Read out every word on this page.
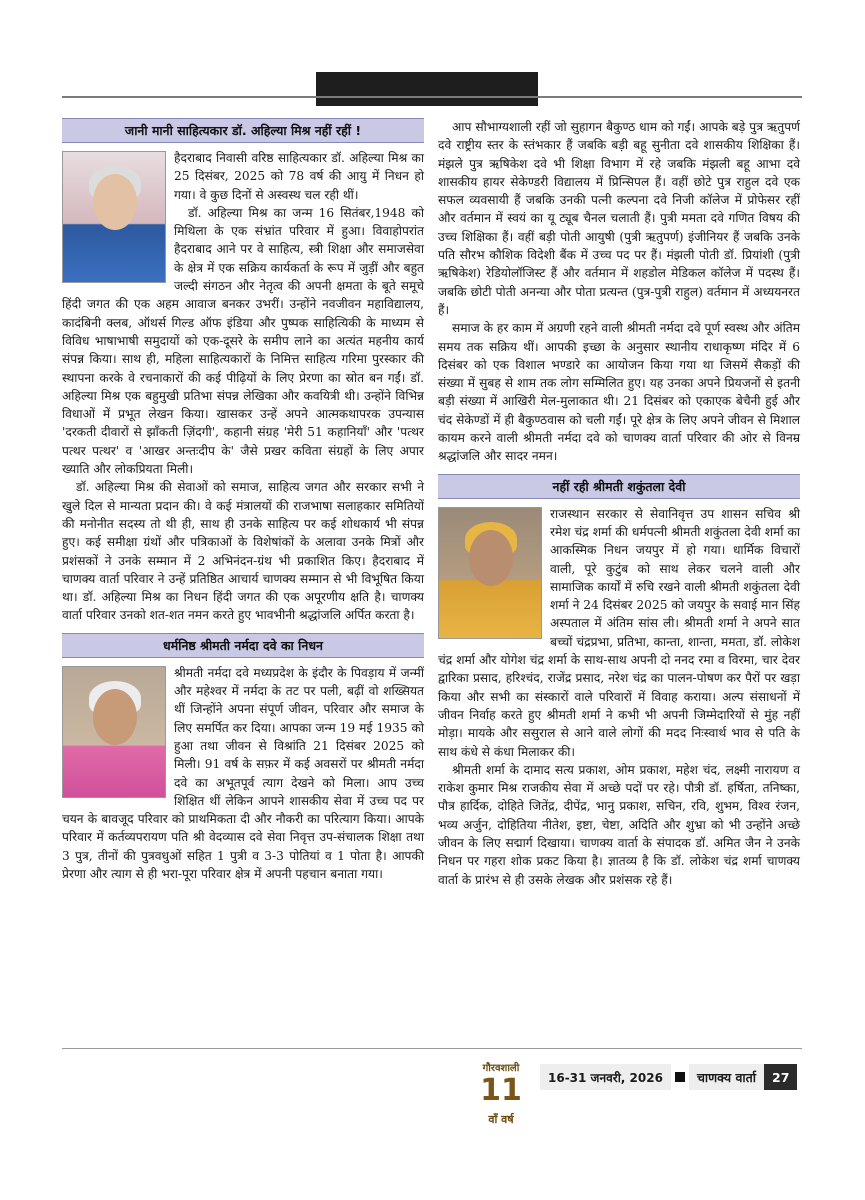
जानी मानी साहित्यकार डॉ. अहिल्या मिश्र नहीं रहीं !

हैदराबाद निवासी वरिष्ठ साहित्यकार डॉ. अहिल्या मिश्र का 25 दिसंबर, 2025 को 78 वर्ष की आयु में निधन हो गया। वे कुछ दिनों से अस्वस्थ चल रही थीं।

डॉ. अहिल्या मिश्र का जन्म 16 सितंबर,1948 को मिथिला के एक संभ्रांत परिवार में हुआ। विवाहोपरांत हैदराबाद आने पर वे साहित्य, स्त्री शिक्षा और समाजसेवा के क्षेत्र में एक सक्रिय कार्यकर्ता के रूप में जुड़ीं और बहुत जल्दी संगठन और नेतृत्व की अपनी क्षमता के बूते समूचे हिंदी जगत की एक अहम आवाज बनकर उभरीं। उन्होंने नवजीवन महाविद्यालय, कादंबिनी क्लब, ऑथर्स गिल्ड ऑफ इंडिया और पुष्पक साहित्यिकी के माध्यम से विविध भाषाभाषी समुदायों को एक-दूसरे के समीप लाने का अत्यंत महनीय कार्य संपन्न किया। साथ ही, महिला साहित्यकारों के निमित्त साहित्य गरिमा पुरस्कार की स्थापना करके वे रचनाकारों की कई पीढ़ियों के लिए प्रेरणा का स्रोत बन गईं। डॉ. अहिल्या मिश्र एक बहुमुखी प्रतिभा संपन्न लेखिका और कवयित्री थी। उन्होंने विभिन्न विधाओं में प्रभूत लेखन किया। खासकर उन्हें अपने आत्मकथापरक उपन्यास 'दरकती दीवारों से झाँकती ज़िंदगी', कहानी संग्रह 'मेरी 51 कहानियाँ' और 'पत्थर पत्थर पत्थर' व 'आखर अन्तःदीप के' जैसे प्रखर कविता संग्रहों के लिए अपार ख्याति और लोकप्रियता मिली।

डॉ. अहिल्या मिश्र की सेवाओं को समाज, साहित्य जगत और सरकार सभी ने खुले दिल से मान्यता प्रदान की। वे कई मंत्रालयों की राजभाषा सलाहकार समितियों की मनोनीत सदस्य तो थी ही, साथ ही उनके साहित्य पर कई शोधकार्य भी संपन्न हुए। कई समीक्षा ग्रंथों और पत्रिकाओं के विशेषांकों के अलावा उनके मित्रों और प्रशंसकों ने उनके सम्मान में 2 अभिनंदन-ग्रंथ भी प्रकाशित किए। हैदराबाद में चाणक्य वार्ता परिवार ने उन्हें प्रतिष्ठित आचार्य चाणक्य सम्मान से भी विभूषित किया था। डॉ. अहिल्या मिश्र का निधन हिंदी जगत की एक अपूरणीय क्षति है। चाणक्य वार्ता परिवार उनको शत-शत नमन करते हुए भावभीनी श्रद्धांजलि अर्पित करता है।

धर्मनिष्ठ श्रीमती नर्मदा दवे का निधन

श्रीमती नर्मदा दवे मध्यप्रदेश के इंदौर के पिवड़ाय में जन्मीं और महेश्वर में नर्मदा के तट पर पली, बढ़ीं वो शख्सियत थीं जिन्होंने अपना संपूर्ण जीवन, परिवार और समाज के लिए समर्पित कर दिया। आपका जन्म 19 मई 1935 को हुआ तथा जीवन से विश्रांति 21 दिसंबर 2025 को मिली। 91 वर्ष के सफ़र में कई अवसरों पर श्रीमती नर्मदा दवे का अभूतपूर्व त्याग देखने को मिला। आप उच्च शिक्षित थीं लेकिन आपने शासकीय सेवा में उच्च पद पर चयन के बावजूद परिवार को प्राथमिकता दी और नौकरी का परित्याग किया। आपके परिवार में कर्तव्यपरायण पति श्री वेदव्यास दवे सेवा निवृत्त उप-संचालक शिक्षा तथा 3 पुत्र, तीनों की पुत्रवधुओं सहित 1 पुत्री व 3-3 पोतियां व 1 पोता है। आपकी प्रेरणा और त्याग से ही भरा-पूरा परिवार क्षेत्र में अपनी पहचान बनाता गया।

आप सौभाग्यशाली रहीं जो सुहागन बैकुण्ठ धाम को गईं। आपके बड़े पुत्र ऋतुपर्ण दवे राष्ट्रीय स्तर के स्तंभकार हैं जबकि बड़ी बहू सुनीता दवे शासकीय शिक्षिका हैं। मंझले पुत्र ऋषिकेश दवे भी शिक्षा विभाग में रहे जबकि मंझली बहू आभा दवे शासकीय हायर सेकेण्डरी विद्यालय में प्रिन्सिपल हैं। वहीं छोटे पुत्र राहुल दवे एक सफल व्यवसायी हैं जबकि उनकी पत्नी कल्पना दवे निजी कॉलेज में प्रोफेसर रहीं और वर्तमान में स्वयं का यू ट्यूब चैनल चलाती हैं। पुत्री ममता दवे गणित विषय की उच्च शिक्षिका हैं। वहीं बड़ी पोती आयुषी (पुत्री ऋतुपर्ण) इंजीनियर हैं जबकि उनके पति सौरभ कौशिक विदेशी बैंक में उच्च पद पर हैं। मंझली पोती डॉ. प्रियांशी (पुत्री ऋषिकेश) रेडियोलॉजिस्ट हैं और वर्तमान में शहडोल मेडिकल कॉलेज में पदस्थ हैं। जबकि छोटी पोती अनन्या और पोता प्रत्यन्त (पुत्र-पुत्री राहुल) वर्तमान में अध्ययनरत हैं।

समाज के हर काम में अग्रणी रहने वाली श्रीमती नर्मदा दवे पूर्ण स्वस्थ और अंतिम समय तक सक्रिय थीं। आपकी इच्छा के अनुसार स्थानीय राधाकृष्ण मंदिर में 6 दिसंबर को एक विशाल भण्डारे का आयोजन किया गया था जिसमें सैकड़ों की संख्या में सुबह से शाम तक लोग सम्मिलित हुए। यह उनका अपने प्रियजनों से इतनी बड़ी संख्या में आखिरी मेल-मुलाकात थी। 21 दिसंबर को एकाएक बेचैनी हुई और चंद सेकेण्डों में ही बैकुण्ठवास को चली गईं। पूरे क्षेत्र के लिए अपने जीवन से मिशाल कायम करने वाली श्रीमती नर्मदा दवे को चाणक्य वार्ता परिवार की ओर से विनम्र श्रद्धांजलि और सादर नमन।

नहीं रही श्रीमती शकुंतला देवी

राजस्थान सरकार से सेवानिवृत्त उप शासन सचिव श्री रमेश चंद्र शर्मा की धर्मपत्नी श्रीमती शकुंतला देवी शर्मा का आकस्मिक निधन जयपुर में हो गया। धार्मिक विचारों वाली, पूरे कुटुंब को साथ लेकर चलने वाली और सामाजिक कार्यों में रुचि रखने वाली श्रीमती शकुंतला देवी शर्मा ने 24 दिसंबर 2025 को जयपुर के सवाई मान सिंह अस्पताल में अंतिम सांस ली। श्रीमती शर्मा ने अपने सात बच्चों चंद्रप्रभा, प्रतिभा, कान्ता, शान्ता, ममता, डॉ. लोकेश चंद्र शर्मा और योगेश चंद्र शर्मा के साथ-साथ अपनी दो ननद रमा व विरमा, चार देवर द्वारिका प्रसाद, हरिश्चंद, राजेंद्र प्रसाद, नरेश चंद्र का पालन-पोषण कर पैरों पर खड़ा किया और सभी का संस्कारों वाले परिवारों में विवाह कराया। अल्प संसाधनों में जीवन निर्वाह करते हुए श्रीमती शर्मा ने कभी भी अपनी जिम्मेदारियों से मुंह नहीं मोड़ा। मायके और ससुराल से आने वाले लोगों की मदद निःस्वार्थ भाव से पति के साथ कंधे से कंधा मिलाकर की।

श्रीमती शर्मा के दामाद सत्य प्रकाश, ओम प्रकाश, महेश चंद, लक्ष्मी नारायण व राकेश कुमार मिश्र राजकीय सेवा में अच्छे पदों पर रहे। पौत्री डॉ. हर्षिता, तनिष्का, पौत्र हार्दिक, दोहिते जितेंद्र, दीपेंद्र, भानु प्रकाश, सचिन, रवि, शुभम, विश्व रंजन, भव्य अर्जुन, दोहितिया नीतेश, इष्टा, चेष्टा, अदिति और शुभ्रा को भी उन्होंने अच्छे जीवन के लिए सद्मार्ग दिखाया। चाणक्य वार्ता के संपादक डॉ. अमित जैन ने उनके निधन पर गहरा शोक प्रकट किया है। ज्ञातव्य है कि डॉ. लोकेश चंद्र शर्मा चाणक्य वार्ता के प्रारंभ से ही उसके लेखक और प्रशंसक रहे हैं।

गौरवशाली
11
वाँ वर्ष
16-31 जनवरी, 2026	चाणक्य वार्ता	27
